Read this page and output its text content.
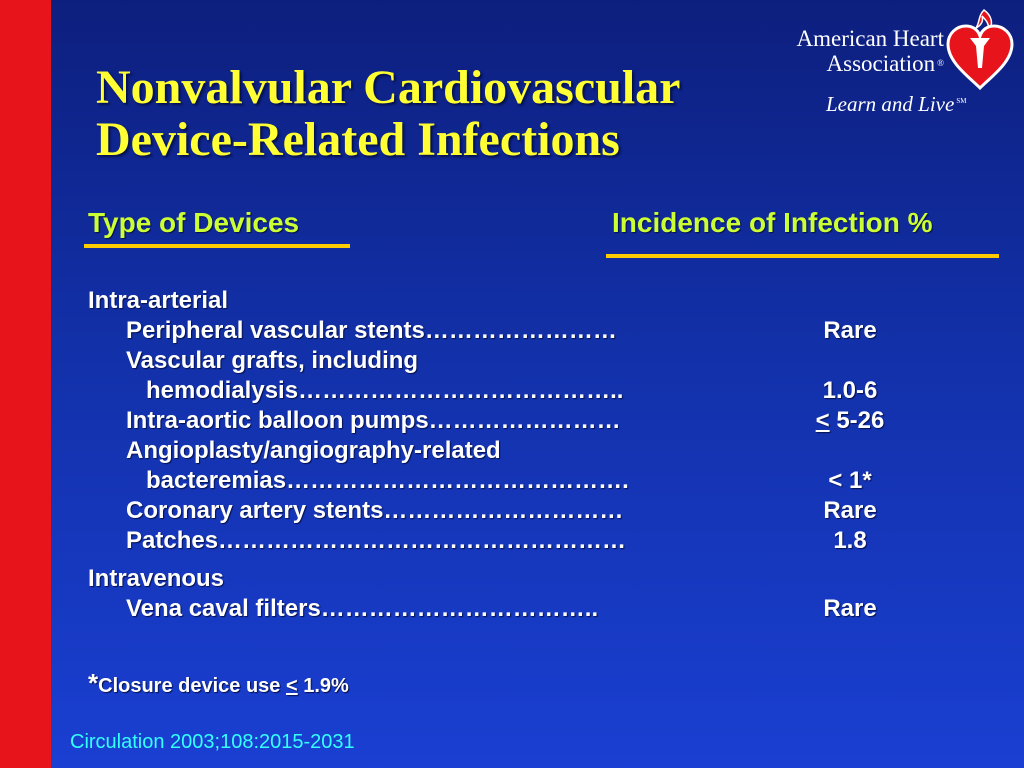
Nonvalvular Cardiovascular
Device-Related Infections
American Heart
Association ®
Learn and Live ℠
Type of Devices	Incidence of Infection %
Intra-arterial
Peripheral vascular stents……………………	Rare
Vascular grafts, including
hemodialysis…………………………………..	1.0-6
Intra-aortic balloon pumps……………………	< 5-26
Angioplasty/angiography-related
bacteremias…………………………………….	< 1*
Coronary artery stents…………………………	Rare
Patches……………………………………………	1.8
Intravenous
Vena caval filters……………………………..	Rare
*Closure device use < 1.9%
Circulation 2003;108:2015-2031
